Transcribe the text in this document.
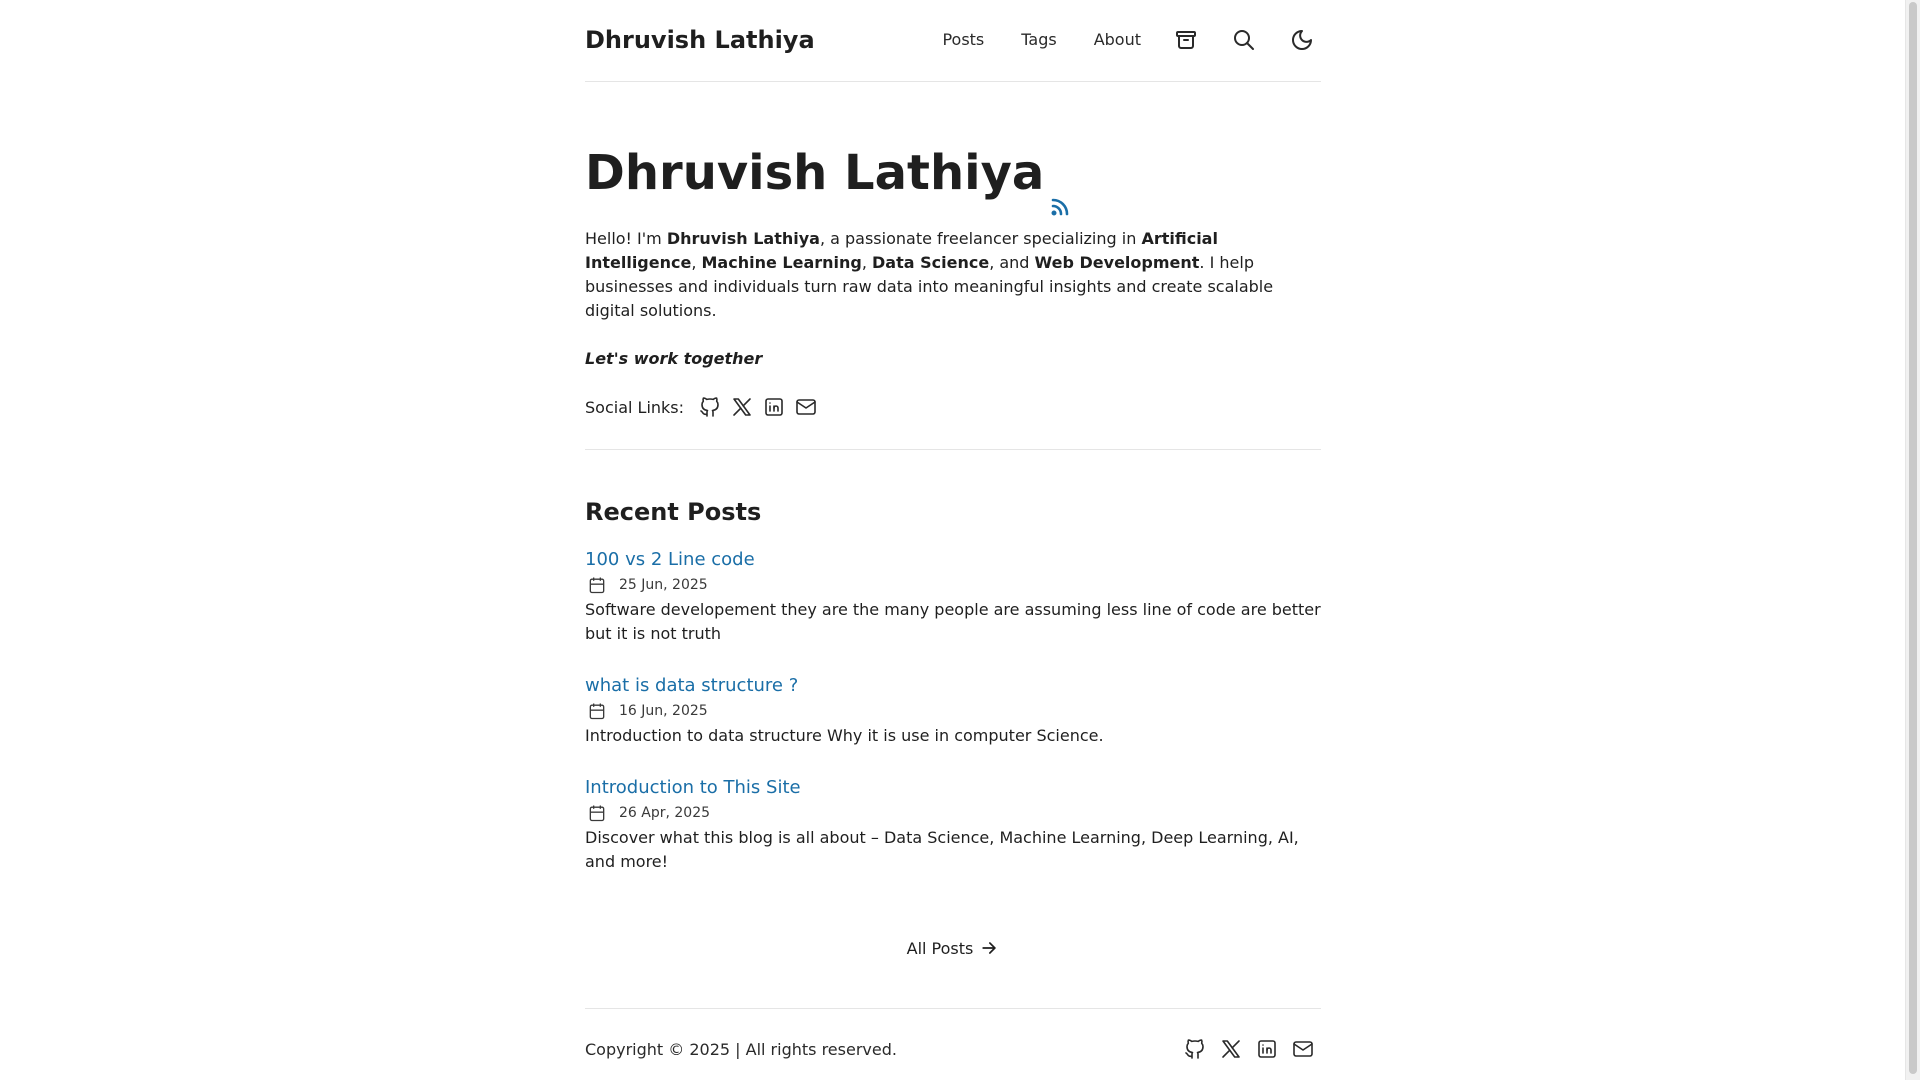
Dhruvish Lathiya	Posts Tags About
Dhruvish Lathiya

Hello! I'm Dhruvish Lathiya, a passionate freelancer specializing in Artificial Intelligence, Machine Learning, Data Science, and Web Development. I help businesses and individuals turn raw data into meaningful insights and create scalable digital solutions.

Let's work together

Social Links:
Recent Posts
100 vs 2 Line code
25 Jun, 2025

Software developement they are the many people are assuming less line of code are better but it is not truth

what is data structure ?
16 Jun, 2025

Introduction to data structure Why it is use in computer Science.

Introduction to This Site
26 Apr, 2025

Discover what this blog is all about – Data Science, Machine Learning, Deep Learning, AI, and more!

All Posts
Copyright © 2025 | All rights reserved.
